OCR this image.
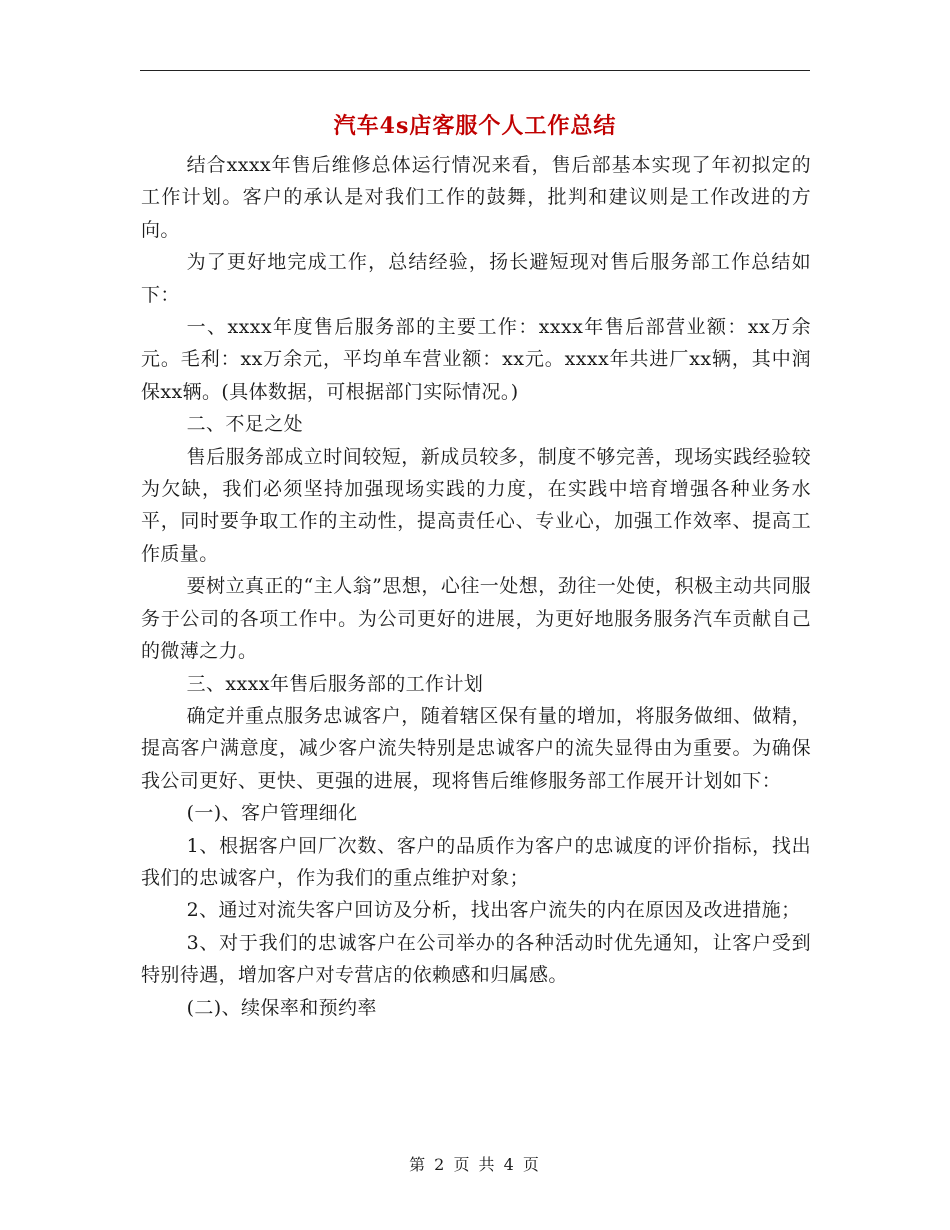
汽车4s店客服个人工作总结

结合xxxx年售后维修总体运行情况来看，售后部基本实现了年初拟定的工作计划。客户的承认是对我们工作的鼓舞，批判和建议则是工作改进的方向。

为了更好地完成工作，总结经验，扬长避短现对售后服务部工作总结如下：

一、xxxx年度售后服务部的主要工作：xxxx年售后部营业额：xx万余元。毛利：xx万余元，平均单车营业额：xx元。xxxx年共进厂xx辆，其中润保xx辆。(具体数据，可根据部门实际情况。)

二、不足之处

售后服务部成立时间较短，新成员较多，制度不够完善，现场实践经验较为欠缺，我们必须坚持加强现场实践的力度，在实践中培育增强各种业务水平，同时要争取工作的主动性，提高责任心、专业心，加强工作效率、提高工作质量。

要树立真正的“主人翁”思想，心往一处想，劲往一处使，积极主动共同服务于公司的各项工作中。为公司更好的进展，为更好地服务服务汽车贡献自己的微薄之力。

三、xxxx年售后服务部的工作计划

确定并重点服务忠诚客户，随着辖区保有量的增加，将服务做细、做精，提高客户满意度，减少客户流失特别是忠诚客户的流失显得由为重要。为确保我公司更好、更快、更强的进展，现将售后维修服务部工作展开计划如下：

(一)、客户管理细化

1、根据客户回厂次数、客户的品质作为客户的忠诚度的评价指标，找出我们的忠诚客户，作为我们的重点维护对象；

2、通过对流失客户回访及分析，找出客户流失的内在原因及改进措施；

3、对于我们的忠诚客户在公司举办的各种活动时优先通知，让客户受到特别待遇，增加客户对专营店的依赖感和归属感。

(二)、续保率和预约率

第 2 页 共 4 页
